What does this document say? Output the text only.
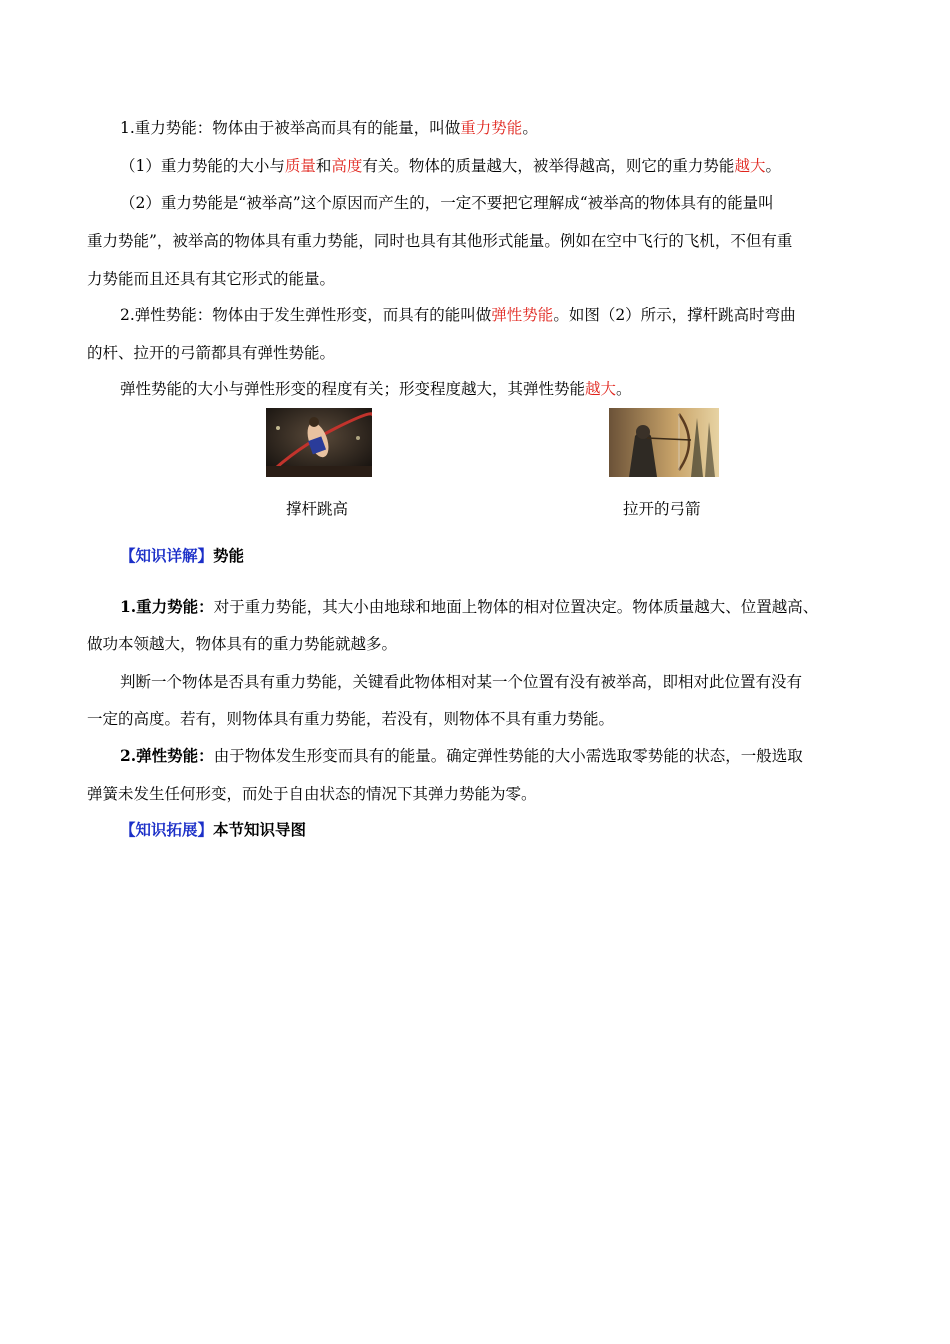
1.重力势能：物体由于被举高而具有的能量，叫做重力势能。
（1）重力势能的大小与质量和高度有关。物体的质量越大，被举得越高，则它的重力势能越大。
（2）重力势能是“被举高”这个原因而产生的，一定不要把它理解成“被举高的物体具有的能量叫
重力势能”，被举高的物体具有重力势能，同时也具有其他形式能量。例如在空中飞行的飞机，不但有重
力势能而且还具有其它形式的能量。
2.弹性势能：物体由于发生弹性形变，而具有的能叫做弹性势能。如图（2）所示，撑杆跳高时弯曲
的杆、拉开的弓箭都具有弹性势能。
弹性势能的大小与弹性形变的程度有关；形变程度越大，其弹性势能越大。
撑杆跳高	拉开的弓箭
【知识详解】势能
1.重力势能：对于重力势能，其大小由地球和地面上物体的相对位置决定。物体质量越大、位置越高、
做功本领越大，物体具有的重力势能就越多。
判断一个物体是否具有重力势能，关键看此物体相对某一个位置有没有被举高，即相对此位置有没有
一定的高度。若有，则物体具有重力势能，若没有，则物体不具有重力势能。
2.弹性势能：由于物体发生形变而具有的能量。确定弹性势能的大小需选取零势能的状态，一般选取
弹簧未发生任何形变，而处于自由状态的情况下其弹力势能为零。
【知识拓展】本节知识导图
